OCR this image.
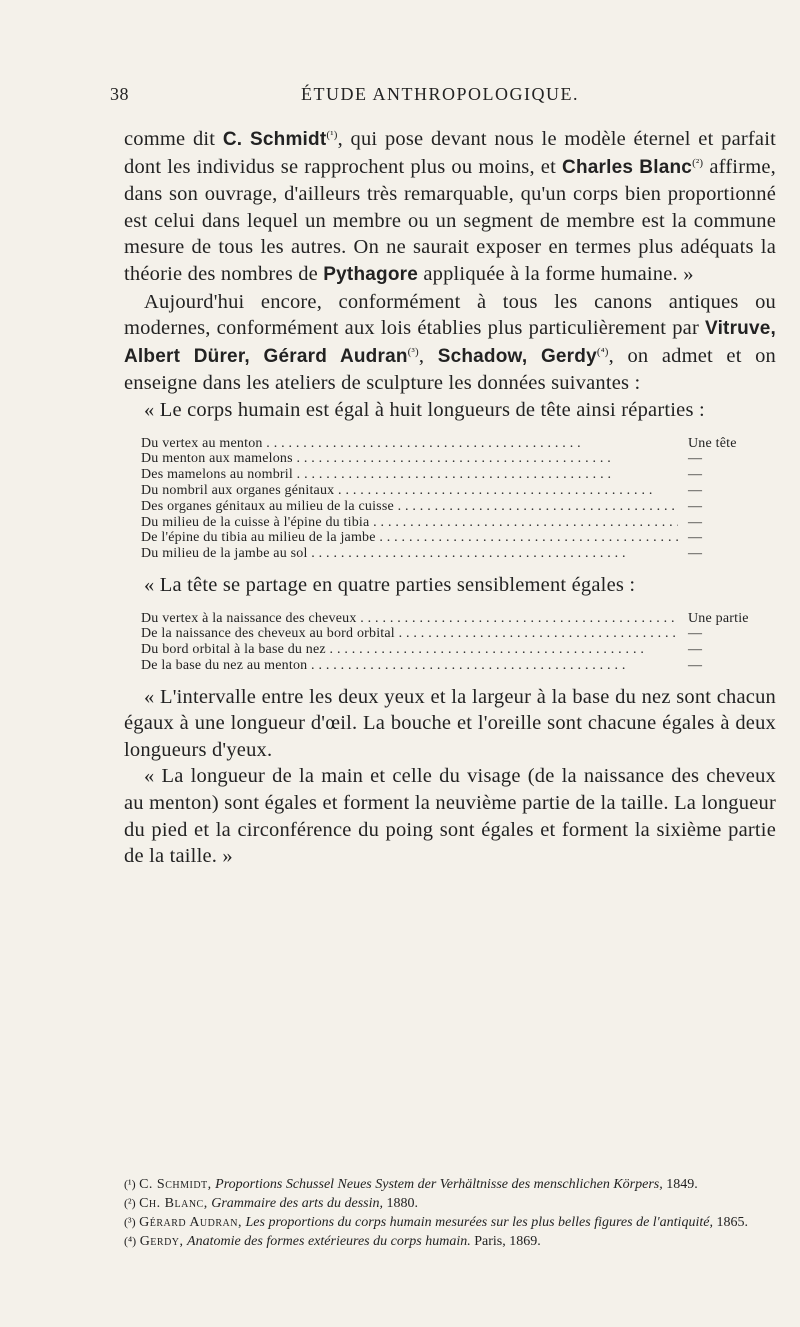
38	ÉTUDE ANTHROPOLOGIQUE.

comme dit C. Schmidt$^{(^1)}$, qui pose devant nous le modèle éternel et parfait dont les individus se rapprochent plus ou moins, et Charles Blanc$^{(^2)}$ affirme, dans son ouvrage, d'ailleurs très remarquable, qu'un corps bien proportionné est celui dans lequel un membre ou un segment de membre est la commune mesure de tous les autres. On ne saurait exposer en termes plus adéquats la théorie des nombres de Pythagore appliquée à la forme humaine. »

Aujourd'hui encore, conformément à tous les canons antiques ou modernes, conformément aux lois établies plus particulièrement par Vitruve, Albert Dürer, Gérard Audran$^{(^3)}$, Schadow, Gerdy$^{(^4)}$, on admet et on enseigne dans les ateliers de sculpture les données suivantes :

« Le corps humain est égal à huit longueurs de tête ainsi réparties :

Du vertex au menton . . .	Une tête
Du menton aux mamelons . . .	—
Des mamelons au nombril . . .	—
Du nombril aux organes génitaux . . .	—
Des organes génitaux au milieu de la cuisse . . .	—
Du milieu de la cuisse à l'épine du tibia . . .	—
De l'épine du tibia au milieu de la jambe . . .	—
Du milieu de la jambe au sol . . .	—

« La tête se partage en quatre parties sensiblement égales :

Du vertex à la naissance des cheveux . . .	Une partie
De la naissance des cheveux au bord orbital . . .	—
Du bord orbital à la base du nez . . .	—
De la base du nez au menton . . .	—

« L'intervalle entre les deux yeux et la largeur à la base du nez sont chacun égaux à une longueur d'œil. La bouche et l'oreille sont chacune égales à deux longueurs d'yeux.

« La longueur de la main et celle du visage (de la naissance des cheveux au menton) sont égales et forment la neuvième partie de la taille. La longueur du pied et la circonférence du poing sont égales et forment la sixième partie de la taille. »

(¹) C. Schmidt, Proportions Schussel Neues System der Verhältnisse des menschlichen Körpers, 1849.

(²) Ch. Blanc, Grammaire des arts du dessin, 1880.

(³) Gérard Audran, Les proportions du corps humain mesurées sur les plus belles figures de l'antiquité, 1865.

(⁴) Gerdy, Anatomie des formes extérieures du corps humain. Paris, 1869.
